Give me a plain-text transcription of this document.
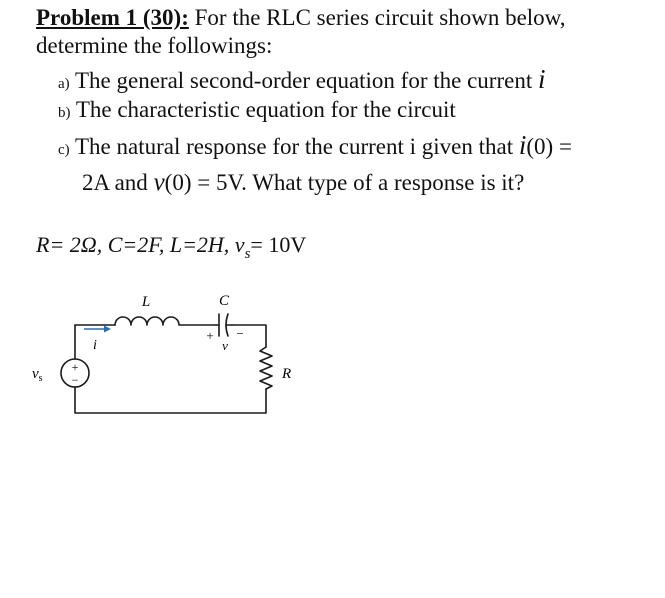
Problem 1 (30): For the RLC series circuit shown below,
determine the followings:
a) The general second-order equation for the current i
b) The characteristic equation for the circuit
c) The natural response for the current i given that i(0) =
2A and v(0) = 5V. What type of a response is it?
R= 2Ω, C=2F, L=2H, $v_s= 10V$
L	C
+ −
v
i
+
−
$v_s$	R
